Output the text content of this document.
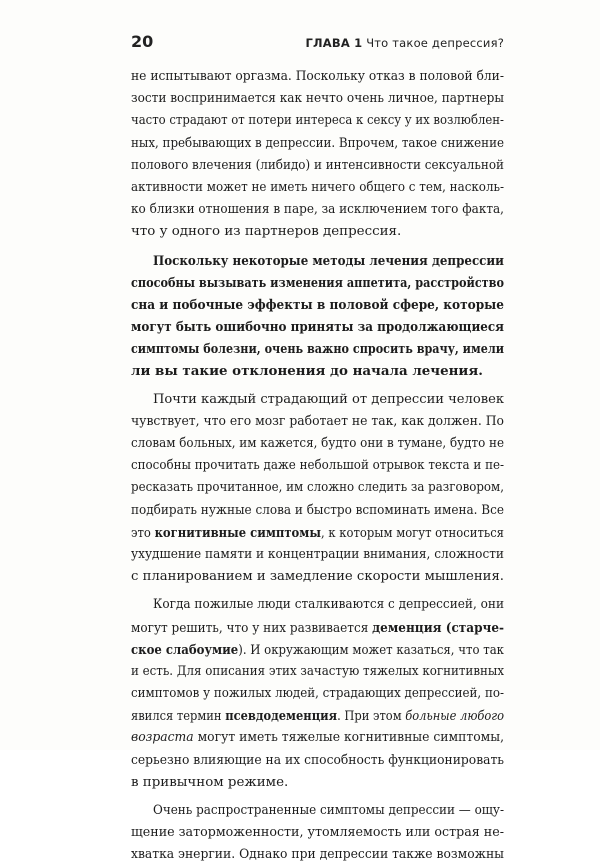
20	ГЛАВА 1 Что такое депрессия?
не испытывают оргазма. Поскольку отказ в половой бли-
зости воспринимается как нечто очень личное, партнеры
часто страдают от потери интереса к сексу у их возлюблен-
ных, пребывающих в депрессии. Впрочем, такое снижение
полового влечения (либидо) и интенсивности сексуальной
активности может не иметь ничего общего с тем, насколь-
ко близки отношения в паре, за исключением того факта,
что у одного из партнеров депрессия.
Поскольку некоторые методы лечения депрессии
способны вызывать изменения аппетита, расстройство
сна и побочные эффекты в половой сфере, которые
могут быть ошибочно приняты за продолжающиеся
симптомы болезни, очень важно спросить врачу, имели
ли вы такие отклонения до начала лечения.
Почти каждый страдающий от депрессии человек
чувствует, что его мозг работает не так, как должен. По
словам больных, им кажется, будто они в тумане, будто не
способны прочитать даже небольшой отрывок текста и пе-
ресказать прочитанное, им сложно следить за разговором,
подбирать нужные слова и быстро вспоминать имена. Все
это когнитивные симптомы, к которым могут относиться
ухудшение памяти и концентрации внимания, сложности
с планированием и замедление скорости мышления.
Когда пожилые люди сталкиваются с депрессией, они
могут решить, что у них развивается деменция (старче-
ское слабоумие). И окружающим может казаться, что так
и есть. Для описания этих зачастую тяжелых когнитивных
симптомов у пожилых людей, страдающих депрессией, по-
явился термин псевдодеменция. При этом больные любого
возраста могут иметь тяжелые когнитивные симптомы,
серьезно влияющие на их способность функционировать
в привычном режиме.
Очень распространенные симптомы депрессии — ощу-
щение заторможенности, утомляемость или острая не-
хватка энергии. Однако при депрессии также возможны
